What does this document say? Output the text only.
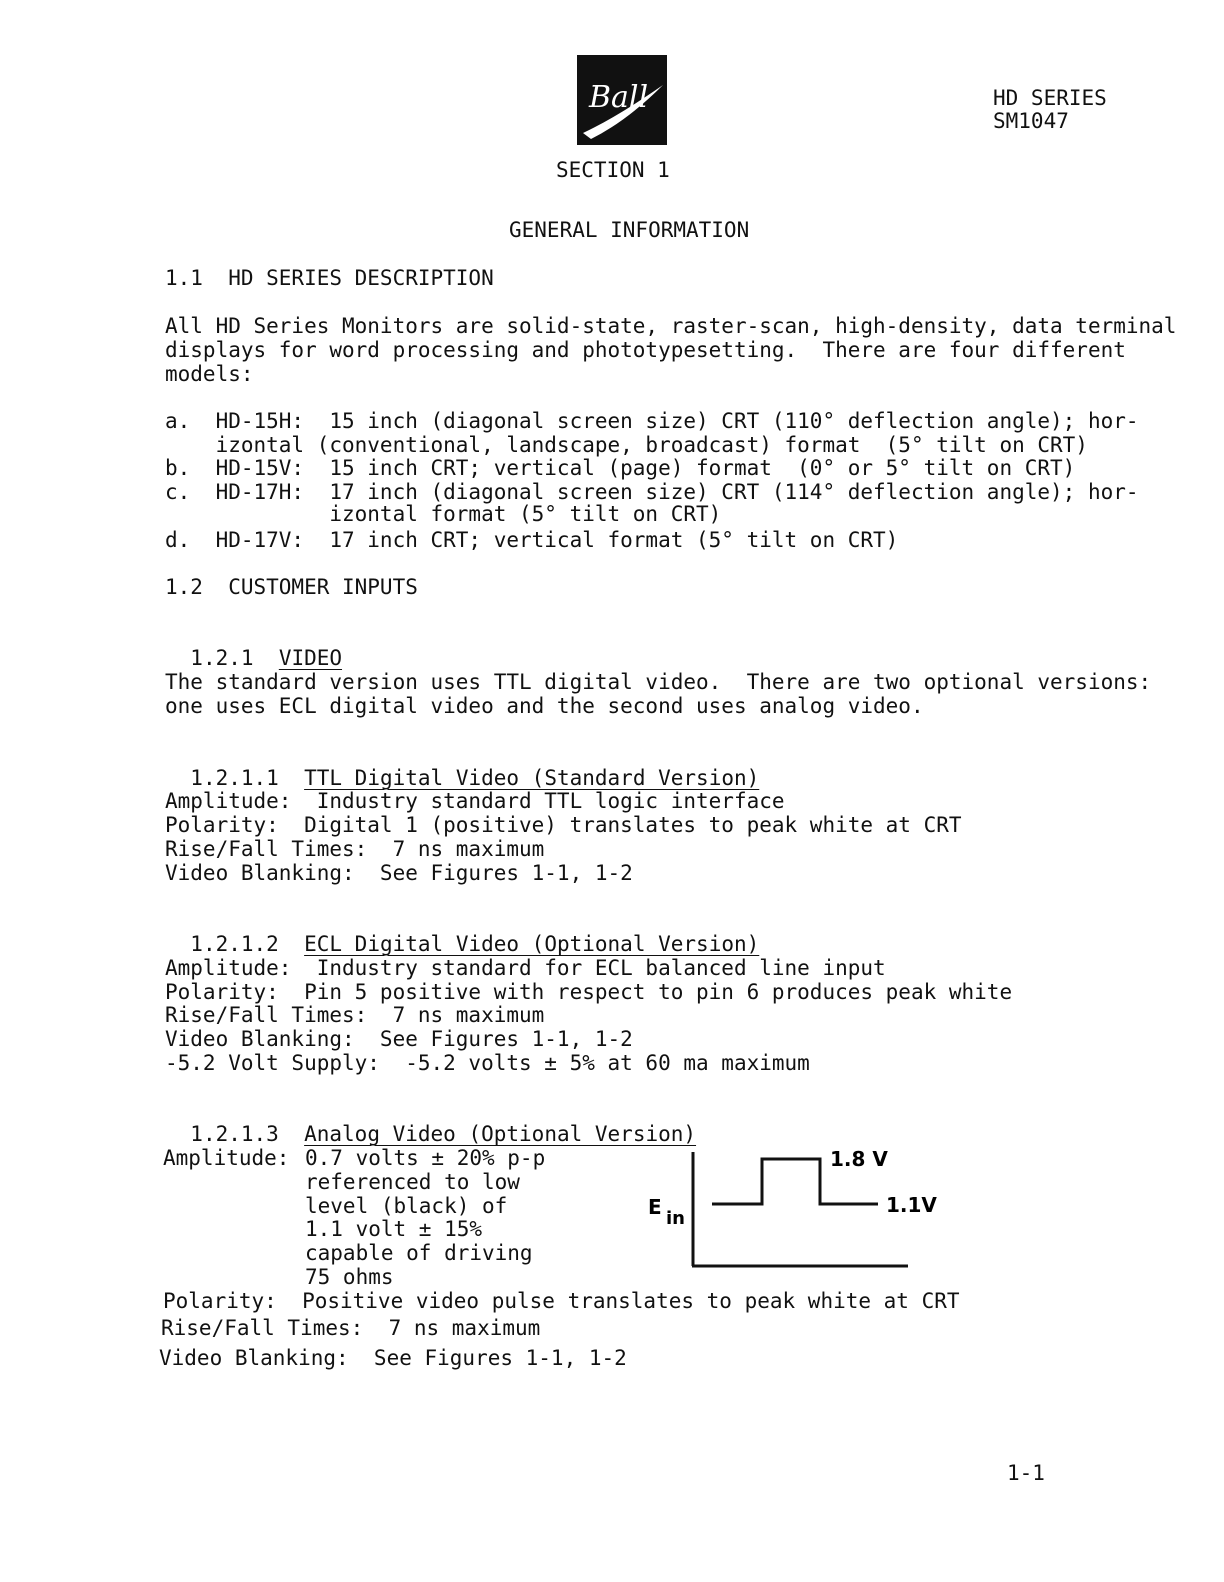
Ball	HD SERIES
SM1047
SECTION 1
GENERAL INFORMATION
1.1  HD SERIES DESCRIPTION
All HD Series Monitors are solid-state, raster-scan, high-density, data terminal
displays for word processing and phototypesetting.  There are four different
models:
a.  HD-15H:  15 inch (diagonal screen size) CRT (110° deflection angle); hor-
izontal (conventional, landscape, broadcast) format  (5° tilt on CRT)
b.  HD-15V:  15 inch CRT; vertical (page) format  (0° or 5° tilt on CRT)
c.  HD-17H:  17 inch (diagonal screen size) CRT (114° deflection angle); hor-
izontal format (5° tilt on CRT)
d.  HD-17V:  17 inch CRT; vertical format (5° tilt on CRT)
1.2  CUSTOMER INPUTS

1.2.1 VIDEO

The standard version uses TTL digital video.  There are two optional versions:
one uses ECL digital video and the second uses analog video.

1.2.1.1 TTL Digital Video (Standard Version)

Amplitude:  Industry standard TTL logic interface
Polarity:  Digital 1 (positive) translates to peak white at CRT
Rise/Fall Times:  7 ns maximum
Video Blanking:  See Figures 1-1, 1-2

1.2.1.2 ECL Digital Video (Optional Version)

Amplitude:  Industry standard for ECL balanced line input
Polarity:  Pin 5 positive with respect to pin 6 produces peak white
Rise/Fall Times:  7 ns maximum
Video Blanking:  See Figures 1-1, 1-2
-5.2 Volt Supply:  -5.2 volts ± 5% at 60 ma maximum

1.2.1.3 Analog Video (Optional Version)

Amplitude: 0.7 volts ± 20% p-p
referenced to low
level (black) of
1.1 volt ± 15%
capable of driving
75 ohms
Polarity:  Positive video pulse translates to peak white at CRT
Rise/Fall Times:  7 ns maximum
Video Blanking:  See Figures 1-1, 1-2
E in
1.8 V
1.1V
1-1
